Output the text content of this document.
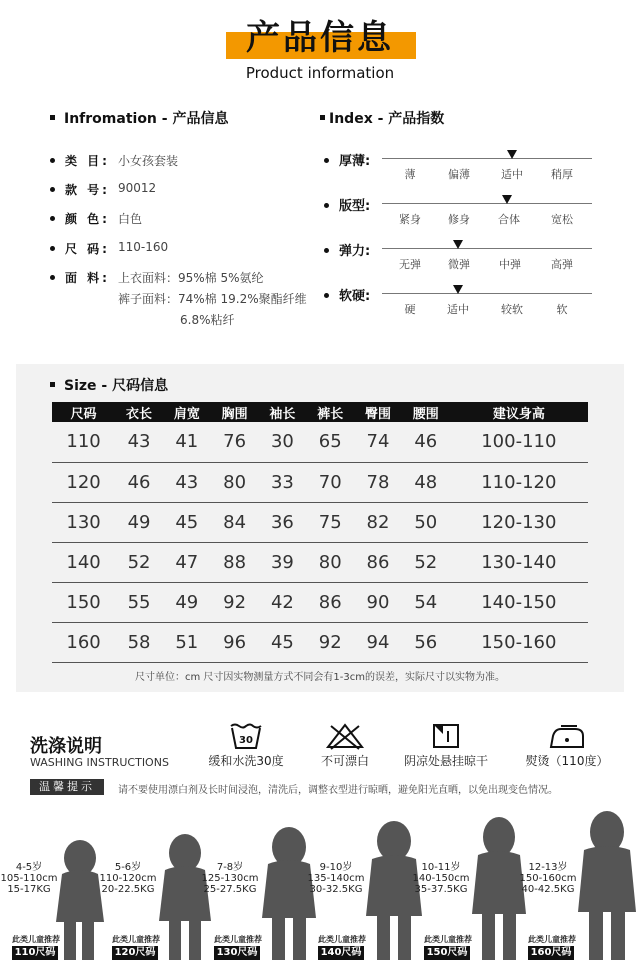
产品信息
Product information
Infromation - 产品信息
类 目: 小女孩套装
款 号: 90012
颜 色: 白色
尺 码: 110-160
面 料: 上衣面料：95%棉 5%氨纶
裤子面料：74%棉 19.2%聚酯纤维
6.8%粘纤
Index - 产品指数
厚薄:
薄	偏薄	适中	稍厚
版型:
紧身 修身	合体	宽松
弹力:
无弹 微弹	中弹	高弹
软硬:
硬	适中	较软	软
Size - 尺码信息
尺码	衣长	肩宽	胸围	袖长	裤长	臀围	腰围	建议身高
110	43	41	76	30	65	74	46	100-110
120	46	43	80	33	70	78	48	110-120
130	49	45	84	36	75	82	50	120-130
140	52	47	88	39	80	86	52	130-140
150	55	49	92	42	86	90	54	140-150
160	58	51	96	45	92	94	56	150-160
尺寸单位：cm 尺寸因实物测量方式不同会有1-3cm的误差，实际尺寸以实物为准。
洗涤说明
WASHING INSTRUCTIONS
30
缓和水洗30度	不可漂白	阴凉处悬挂晾干	熨烫（110度）
温馨提示	请不要使用漂白剂及长时间浸泡，清洗后，调整衣型进行晾晒，避免阳光直晒，以免出现变色情况。
4-5岁
105-110cm
15-17KG
此类儿童推荐
110尺码
5-6岁
110-120cm
20-22.5KG
此类儿童推荐
120尺码
7-8岁
125-130cm
25-27.5KG
此类儿童推荐
130尺码
9-10岁
135-140cm
30-32.5KG
此类儿童推荐
140尺码
10-11岁
140-150cm
35-37.5KG
此类儿童推荐
150尺码
12-13岁
150-160cm
40-42.5KG
此类儿童推荐
160尺码
